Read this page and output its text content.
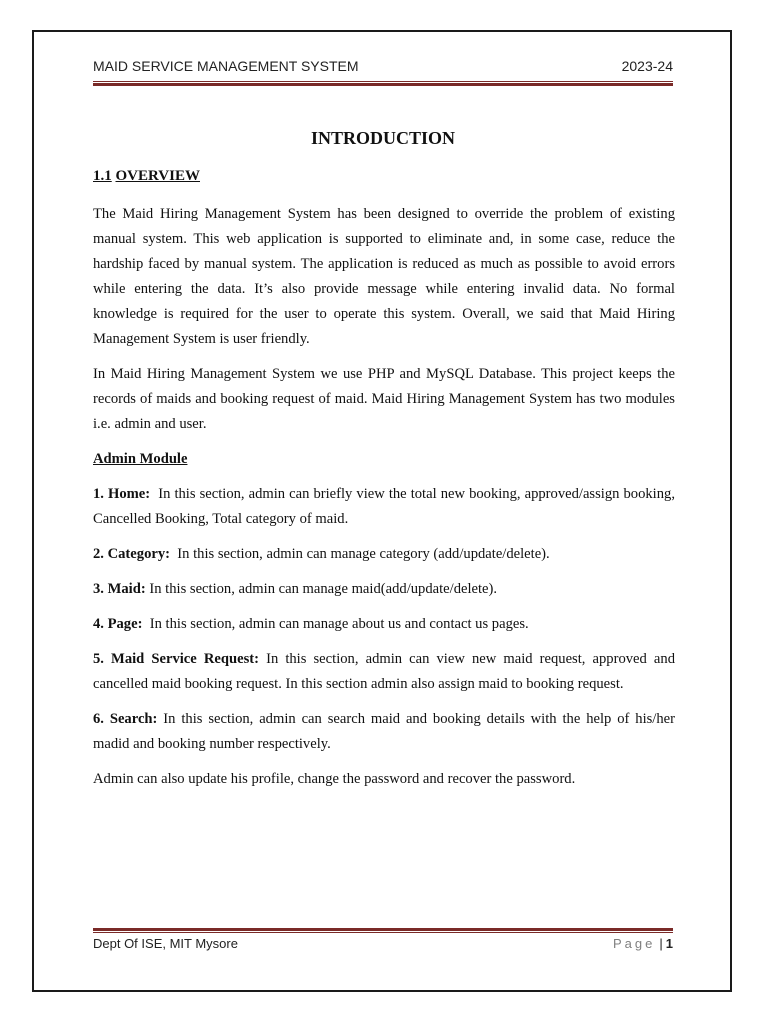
MAID SERVICE MANAGEMENT SYSTEM	2023-24
INTRODUCTION
1.1 OVERVIEW

The Maid Hiring Management System has been designed to override the problem of existing manual system. This web application is supported to eliminate and, in some case, reduce the hardship faced by manual system. The application is reduced as much as possible to avoid errors while entering the data. It’s also provide message while entering invalid data. No formal knowledge is required for the user to operate this system. Overall, we said that Maid Hiring Management System is user friendly.

In Maid Hiring Management System we use PHP and MySQL Database. This project keeps the records of maids and booking request of maid. Maid Hiring Management System has two modules i.e. admin and user.

Admin Module

1. Home:  In this section, admin can briefly view the total new booking, approved/assign booking, Cancelled Booking, Total category of maid.

2. Category:  In this section, admin can manage category (add/update/delete).

3. Maid: In this section, admin can manage maid(add/update/delete).

4. Page:  In this section, admin can manage about us and contact us pages.

5. Maid Service Request: In this section, admin can view new maid request, approved and cancelled maid booking request. In this section admin also assign maid to booking request.

6. Search: In this section, admin can search maid and booking details with the help of his/her madid and booking number respectively.

Admin can also update his profile, change the password and recover the password.

Dept Of ISE, MIT Mysore	Page | 1
